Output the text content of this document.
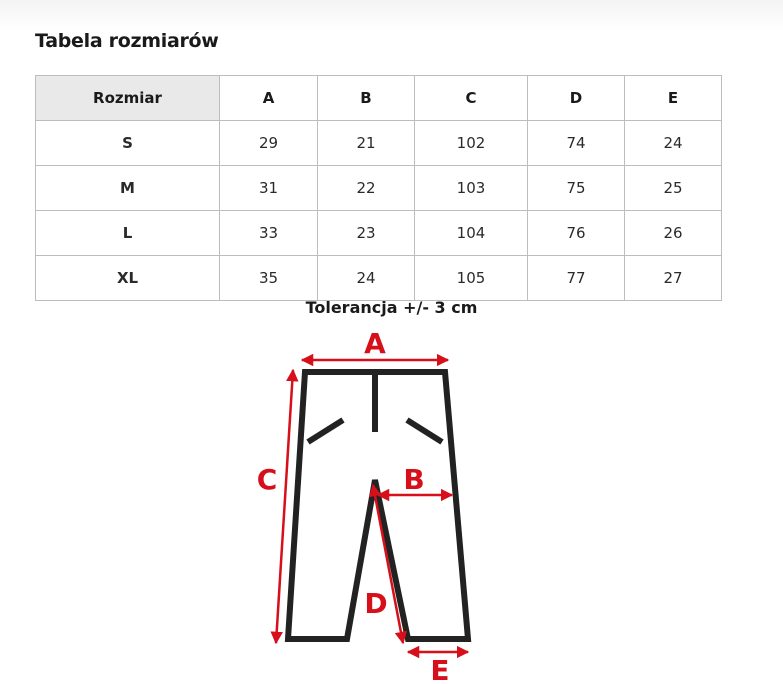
Tabela rozmiarów
Rozmiar	A	B	C	D	E
S	29	21	102	74	24
M	31	22	103	75	25
L	33	23	104	76	26
XL	35	24	105	77	27
Tolerancja +/- 3 cm
A
B
C
D
E
